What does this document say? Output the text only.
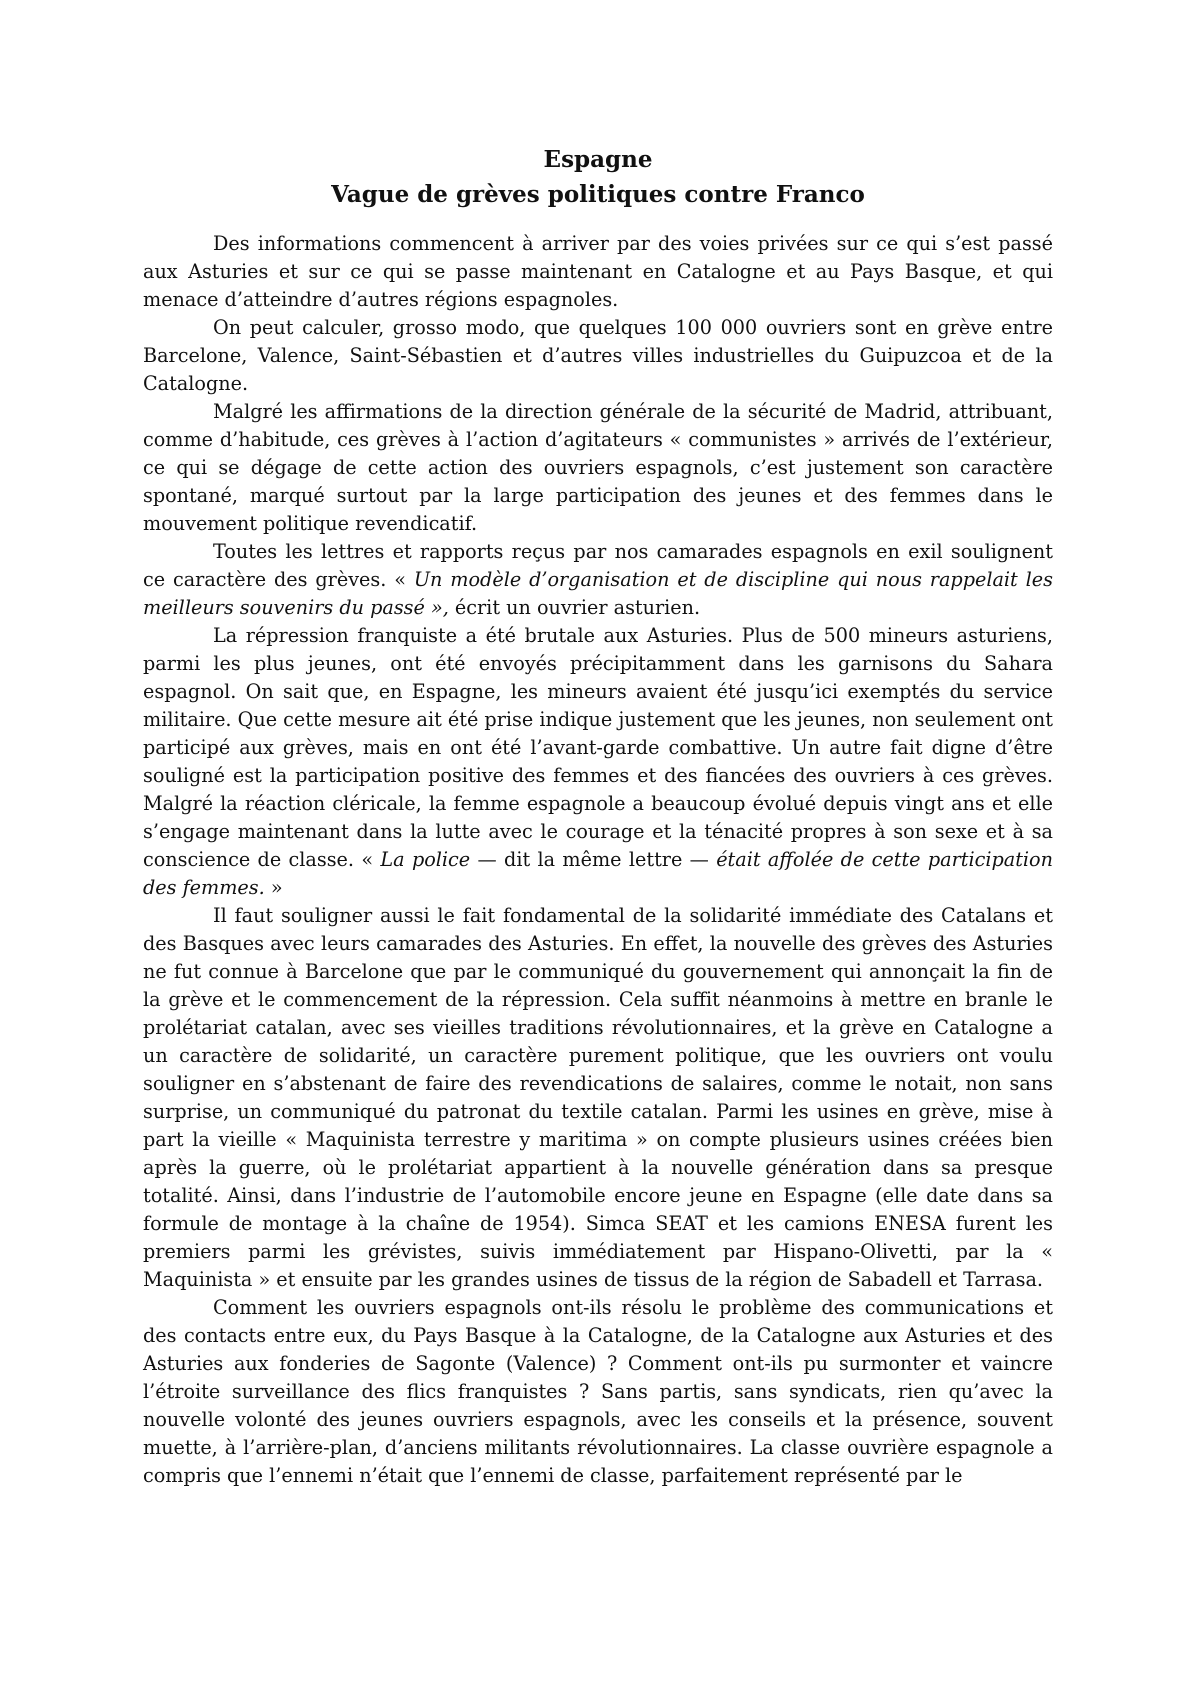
Espagne
Vague de grèves politiques contre Franco

Des informations commencent à arriver par des voies privées sur ce qui s’est passé aux Asturies et sur ce qui se passe maintenant en Catalogne et au Pays Basque, et qui menace d’atteindre d’autres régions espagnoles.

On peut calculer, grosso modo, que quelques 100 000 ouvriers sont en grève entre Barcelone, Valence, Saint-Sébastien et d’autres villes industrielles du Guipuzcoa et de la Catalogne.

Malgré les affirmations de la direction générale de la sécurité de Madrid, attribuant, comme d’habitude, ces grèves à l’action d’agitateurs « communistes » arrivés de l’extérieur, ce qui se dégage de cette action des ouvriers espagnols, c’est justement son caractère spontané, marqué surtout par la large participation des jeunes et des femmes dans le mouvement politique revendicatif.

Toutes les lettres et rapports reçus par nos camarades espagnols en exil soulignent ce caractère des grèves. « Un modèle d’organisation et de discipline qui nous rappelait les meilleurs souvenirs du passé », écrit un ouvrier asturien.

La répression franquiste a été brutale aux Asturies. Plus de 500 mineurs asturiens, parmi les plus jeunes, ont été envoyés précipitamment dans les garnisons du Sahara espagnol. On sait que, en Espagne, les mineurs avaient été jusqu’ici exemptés du service militaire. Que cette mesure ait été prise indique justement que les jeunes, non seulement ont participé aux grèves, mais en ont été l’avant-garde combattive. Un autre fait digne d’être souligné est la participation positive des femmes et des fiancées des ouvriers à ces grèves. Malgré la réaction cléricale, la femme espagnole a beaucoup évolué depuis vingt ans et elle s’engage maintenant dans la lutte avec le courage et la ténacité propres à son sexe et à sa conscience de classe. « La police — dit la même lettre — était affolée de cette participation des femmes. »

Il faut souligner aussi le fait fondamental de la solidarité immédiate des Catalans et des Basques avec leurs camarades des Asturies. En effet, la nouvelle des grèves des Asturies ne fut connue à Barcelone que par le communiqué du gouvernement qui annonçait la fin de la grève et le commencement de la répression. Cela suffit néanmoins à mettre en branle le prolétariat catalan, avec ses vieilles traditions révolutionnaires, et la grève en Catalogne a un caractère de solidarité, un caractère purement politique, que les ouvriers ont voulu souligner en s’abstenant de faire des revendications de salaires, comme le notait, non sans surprise, un communiqué du patronat du textile catalan. Parmi les usines en grève, mise à part la vieille « Maquinista terrestre y maritima » on compte plusieurs usines créées bien après la guerre, où le prolétariat appartient à la nouvelle génération dans sa presque totalité. Ainsi, dans l’industrie de l’automobile encore jeune en Espagne (elle date dans sa formule de montage à la chaîne de 1954). Simca SEAT et les camions ENESA furent les premiers parmi les grévistes, suivis immédiatement par Hispano-Olivetti, par la « Maquinista » et ensuite par les grandes usines de tissus de la région de Sabadell et Tarrasa.

Comment les ouvriers espagnols ont-ils résolu le problème des communications et des contacts entre eux, du Pays Basque à la Catalogne, de la Catalogne aux Asturies et des Asturies aux fonderies de Sagonte (Valence) ? Comment ont-ils pu surmonter et vaincre l’étroite surveillance des flics franquistes ? Sans partis, sans syndicats, rien qu’avec la nouvelle volonté des jeunes ouvriers espagnols, avec les conseils et la présence, souvent muette, à l’arrière-plan, d’anciens militants révolutionnaires. La classe ouvrière espagnole a compris que l’ennemi n’était que l’ennemi de classe, parfaitement représenté par le
